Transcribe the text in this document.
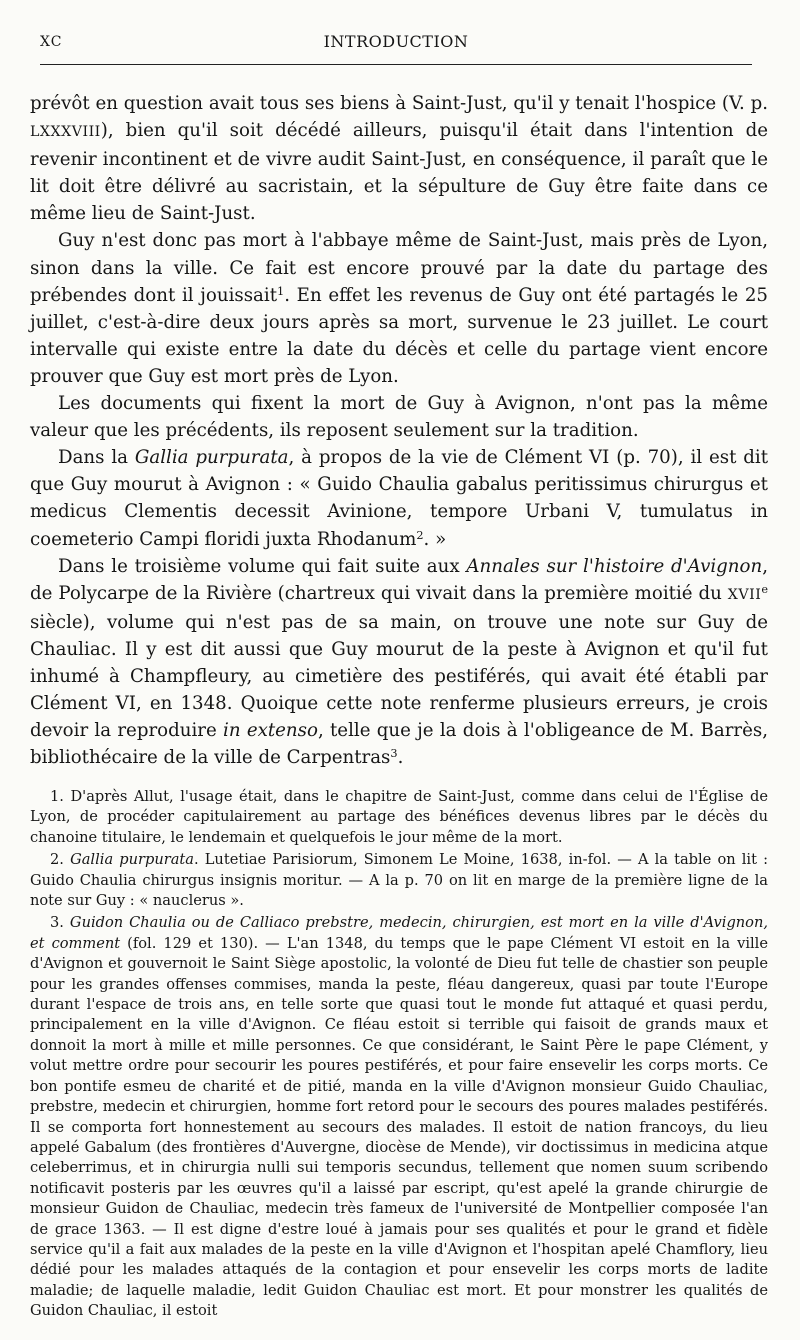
XC	INTRODUCTION

prévôt en question avait tous ses biens à Saint-Just, qu'il y tenait l'hospice (V. p. LXXXVIII), bien qu'il soit décédé ailleurs, puisqu'il était dans l'intention de revenir incontinent et de vivre audit Saint-Just, en conséquence, il paraît que le lit doit être délivré au sacristain, et la sépulture de Guy être faite dans ce même lieu de Saint-Just.

Guy n'est donc pas mort à l'abbaye même de Saint-Just, mais près de Lyon, sinon dans la ville. Ce fait est encore prouvé par la date du partage des prébendes dont il jouissait$^1$. En effet les revenus de Guy ont été partagés le 25 juillet, c'est-à-dire deux jours après sa mort, survenue le 23 juillet. Le court intervalle qui existe entre la date du décès et celle du partage vient encore prouver que Guy est mort près de Lyon.

Les documents qui fixent la mort de Guy à Avignon, n'ont pas la même valeur que les précédents, ils reposent seulement sur la tradition.

Dans la Gallia purpurata, à propos de la vie de Clément VI (p. 70), il est dit que Guy mourut à Avignon : « Guido Chaulia gabalus peritissimus chirurgus et medicus Clementis decessit Avinione, tempore Urbani V, tumulatus in coemeterio Campi floridi juxta Rhodanum$^2$. »

Dans le troisième volume qui fait suite aux Annales sur l'histoire d'Avignon, de Polycarpe de la Rivière (chartreux qui vivait dans la première moitié du XVIIe siècle), volume qui n'est pas de sa main, on trouve une note sur Guy de Chauliac. Il y est dit aussi que Guy mourut de la peste à Avignon et qu'il fut inhumé à Champfleury, au cimetière des pestiférés, qui avait été établi par Clément VI, en 1348. Quoique cette note renferme plusieurs erreurs, je crois devoir la reproduire in extenso, telle que je la dois à l'obligeance de M. Barrès, bibliothécaire de la ville de Carpentras$^3$.

1. D'après Allut, l'usage était, dans le chapitre de Saint-Just, comme dans celui de l'Église de Lyon, de procéder capitulairement au partage des bénéfices devenus libres par le décès du chanoine titulaire, le lendemain et quelquefois le jour même de la mort.

2. Gallia purpurata. Lutetiae Parisiorum, Simonem Le Moine, 1638, in-fol. — A la table on lit : Guido Chaulia chirurgus insignis moritur. — A la p. 70 on lit en marge de la première ligne de la note sur Guy : « nauclerus ».

3. Guidon Chaulia ou de Calliaco prebstre, medecin, chirurgien, est mort en la ville d'Avignon, et comment (fol. 129 et 130). — L'an 1348, du temps que le pape Clément VI estoit en la ville d'Avignon et gouvernoit le Saint Siège apostolic, la volonté de Dieu fut telle de chastier son peuple pour les grandes offenses commises, manda la peste, fléau dangereux, quasi par toute l'Europe durant l'espace de trois ans, en telle sorte que quasi tout le monde fut attaqué et quasi perdu, principalement en la ville d'Avignon. Ce fléau estoit si terrible qui faisoit de grands maux et donnoit la mort à mille et mille personnes. Ce que considérant, le Saint Père le pape Clément, y volut mettre ordre pour secourir les poures pestiférés, et pour faire ensevelir les corps morts. Ce bon pontife esmeu de charité et de pitié, manda en la ville d'Avignon monsieur Guido Chauliac, prebstre, medecin et chirurgien, homme fort retord pour le secours des poures malades pestiférés. Il se comporta fort honnestement au secours des malades. Il estoit de nation francoys, du lieu appelé Gabalum (des frontières d'Auvergne, diocèse de Mende), vir doctissimus in medicina atque celeberrimus, et in chirurgia nulli sui temporis secundus, tellement que nomen suum scribendo notificavit posteris par les œuvres qu'il a laissé par escript, qu'est apelé la grande chirurgie de monsieur Guidon de Chauliac, medecin très fameux de l'université de Montpellier composée l'an de grace 1363. — Il est digne d'estre loué à jamais pour ses qualités et pour le grand et fidèle service qu'il a fait aux malades de la peste en la ville d'Avignon et l'hospitan apelé Chamflory, lieu dédié pour les malades attaqués de la contagion et pour ensevelir les corps morts de ladite maladie; de laquelle maladie, ledit Guidon Chauliac est mort. Et pour monstrer les qualités de Guidon Chauliac, il estoit
